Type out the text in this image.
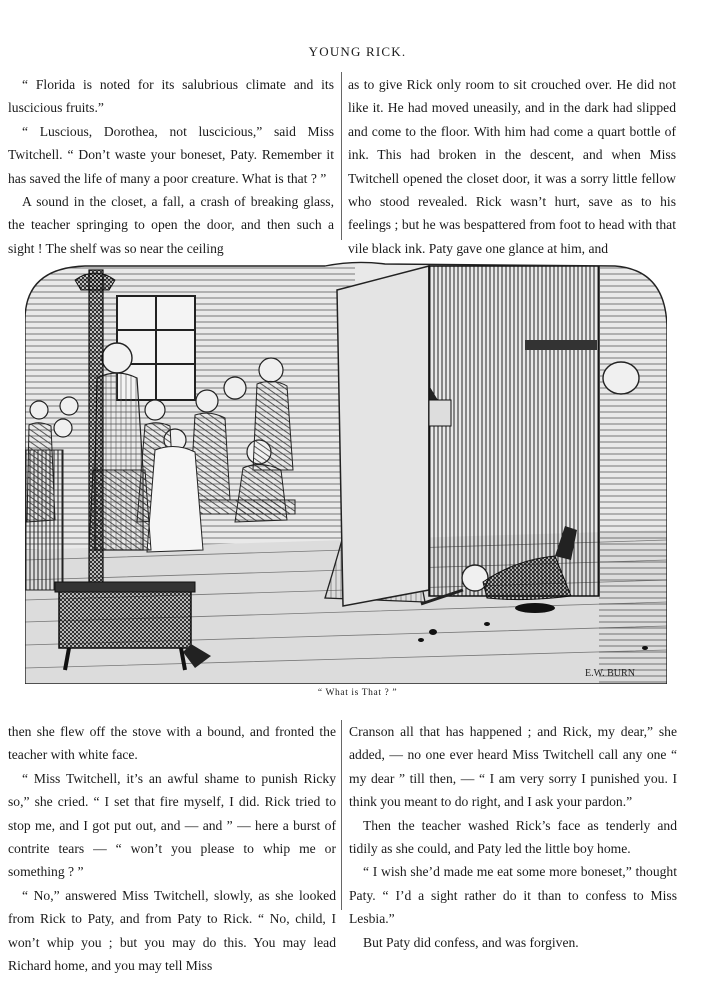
YOUNG RICK.

“ Florida is noted for its salubrious climate and its luscicious fruits.”

“ Luscious, Dorothea, not luscicious,” said Miss Twitchell. “ Don’t waste your boneset, Paty. Remember it has saved the life of many a poor creature. What is that ? ”

A sound in the closet, a fall, a crash of breaking glass, the teacher springing to open the door, and then such a sight ! The shelf was so near the ceiling

as to give Rick only room to sit crouched over. He did not like it. He had moved uneasily, and in the dark had slipped and come to the floor. With him had come a quart bottle of ink. This had broken in the descent, and when Miss Twitchell opened the closet door, it was a sorry little fellow who stood revealed. Rick wasn’t hurt, save as to his feelings ; but he was bespattered from foot to head with that vile black ink. Paty gave one glance at him, and

E.W. BURN
“ What is That ? ”

then she flew off the stove with a bound, and fronted the teacher with white face.

“ Miss Twitchell, it’s an awful shame to punish Ricky so,” she cried. “ I set that fire myself, I did. Rick tried to stop me, and I got put out, and — and ” — here a burst of contrite tears — “ won’t you please to whip me or something ? ”

“ No,” answered Miss Twitchell, slowly, as she looked from Rick to Paty, and from Paty to Rick. “ No, child, I won’t whip you ; but you may do this. You may lead Richard home, and you may tell Miss

Cranson all that has happened ; and Rick, my dear,” she added, — no one ever heard Miss Twitchell call any one “ my dear ” till then, — “ I am very sorry I punished you. I think you meant to do right, and I ask your pardon.”

Then the teacher washed Rick’s face as tenderly and tidily as she could, and Paty led the little boy home.

“ I wish she’d made me eat some more boneset,” thought Paty. “ I’d a sight rather do it than to confess to Miss Lesbia.”

But Paty did confess, and was forgiven.
